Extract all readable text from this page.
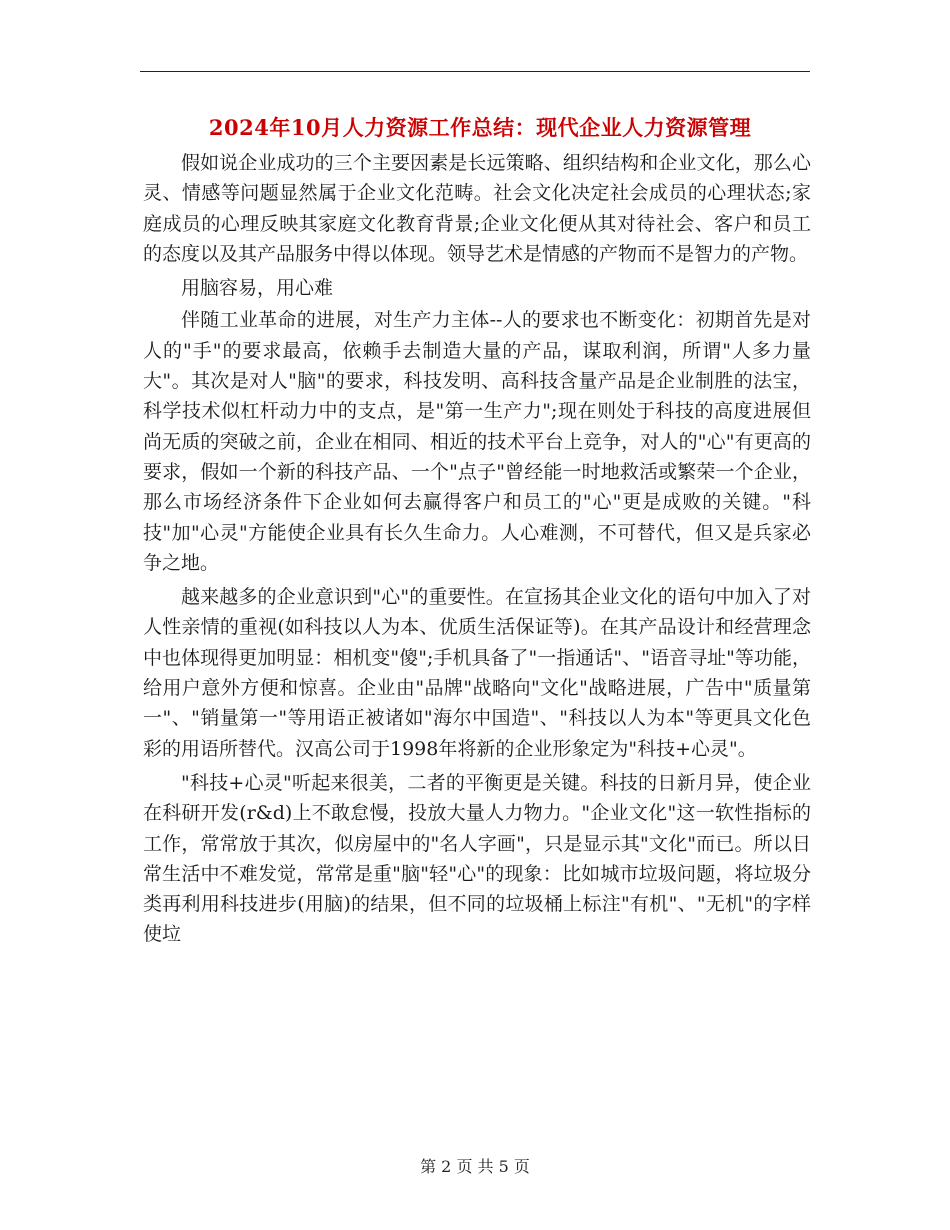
2024年10月人力资源工作总结：现代企业人力资源管理

假如说企业成功的三个主要因素是长远策略、组织结构和企业文化，那么心灵、情感等问题显然属于企业文化范畴。社会文化决定社会成员的心理状态;家庭成员的心理反映其家庭文化教育背景;企业文化便从其对待社会、客户和员工的态度以及其产品服务中得以体现。领导艺术是情感的产物而不是智力的产物。

用脑容易，用心难

伴随工业革命的进展，对生产力主体--人的要求也不断变化：初期首先是对人的"手"的要求最高，依赖手去制造大量的产品，谋取利润，所谓"人多力量大"。其次是对人"脑"的要求，科技发明、高科技含量产品是企业制胜的法宝，科学技术似杠杆动力中的支点，是"第一生产力";现在则处于科技的高度进展但尚无质的突破之前，企业在相同、相近的技术平台上竞争，对人的"心"有更高的要求，假如一个新的科技产品、一个"点子"曾经能一时地救活或繁荣一个企业，那么市场经济条件下企业如何去赢得客户和员工的"心"更是成败的关键。"科技"加"心灵"方能使企业具有长久生命力。人心难测，不可替代，但又是兵家必争之地。

越来越多的企业意识到"心"的重要性。在宣扬其企业文化的语句中加入了对人性亲情的重视(如科技以人为本、优质生活保证等)。在其产品设计和经营理念中也体现得更加明显：相机变"傻";手机具备了"一指通话"、"语音寻址"等功能，给用户意外方便和惊喜。企业由"品牌"战略向"文化"战略进展，广告中"质量第一"、"销量第一"等用语正被诸如"海尔中国造"、"科技以人为本"等更具文化色彩的用语所替代。汉高公司于1998年将新的企业形象定为"科技+心灵"。

"科技+心灵"听起来很美，二者的平衡更是关键。科技的日新月异，使企业在科研开发(r&d)上不敢怠慢，投放大量人力物力。"企业文化"这一软性指标的工作，常常放于其次，似房屋中的"名人字画"，只是显示其"文化"而已。所以日常生活中不难发觉，常常是重"脑"轻"心"的现象：比如城市垃圾问题，将垃圾分类再利用科技进步(用脑)的结果，但不同的垃圾桶上标注"有机"、"无机"的字样使垃

第 2 页 共 5 页
